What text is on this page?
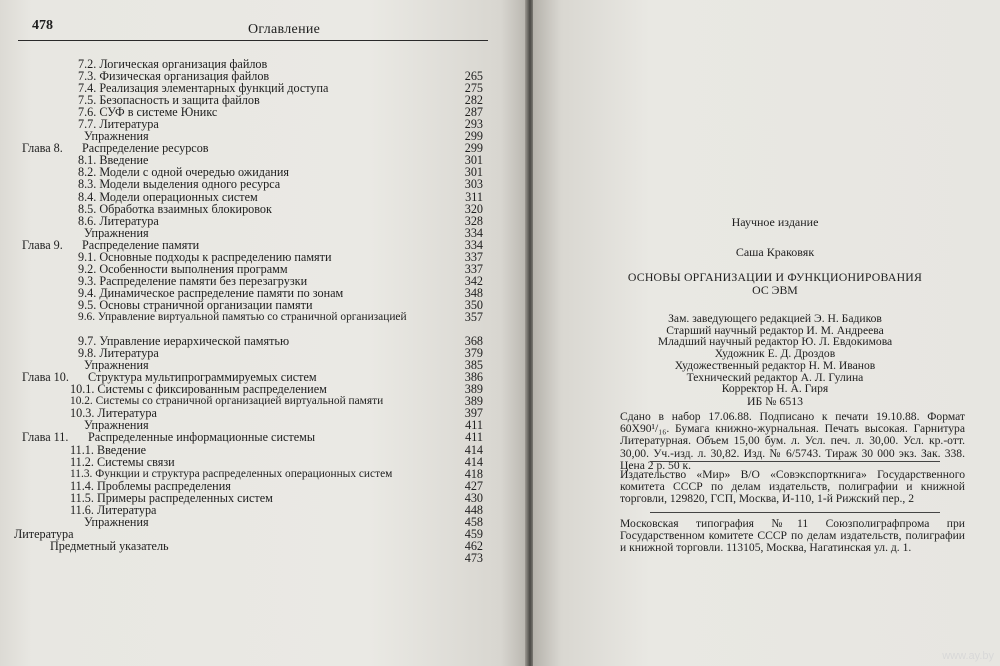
478	Оглавление
7.2. Логическая организация файлов
7.3. Физическая организация файлов	265
7.4. Реализация элементарных функций доступа	275
7.5. Безопасность и защита файлов	282
7.6. СУФ в системе Юникс	287
7.7. Литература	293
Упражнения	299
Глава 8. Распределение ресурсов	299
8.1. Введение	301
8.2. Модели с одной очередью ожидания	301
8.3. Модели выделения одного ресурса	303
8.4. Модели операционных систем	311
8.5. Обработка взаимных блокировок	320
8.6. Литература	328
Упражнения	334
Глава 9. Распределение памяти	334
9.1. Основные подходы к распределению памяти	337
9.2. Особенности выполнения программ	337
9.3. Распределение памяти без перезагрузки	342
9.4. Динамическое распределение памяти по зонам	348
9.5. Основы страничной организации памяти	350
9.6. Управление виртуальной памятью со страничной организацией	357
9.7. Управление иерархической памятью	368
9.8. Литература	379
Упражнения	385
Глава 10. Структура мультипрограммируемых систем	386
10.1. Системы с фиксированным распределением	389
10.2. Системы со страничной организацией виртуальной памяти	389
10.3. Литература	397
Упражнения	411
Глава 11. Распределенные информационные системы	411
11.1. Введение	414
11.2. Системы связи	414
11.3. Функции и структура распределенных операционных систем	418
11.4. Проблемы распределения	427
11.5. Примеры распределенных систем	430
11.6. Литература	448
Упражнения	458
Литература	459
Предметный указатель	462
473
Научное издание
Саша Краковяк
ОСНОВЫ ОРГАНИЗАЦИИ И ФУНКЦИОНИРОВАНИЯ
ОС ЭВМ
Зам. заведующего редакцией Э. Н. Бадиков
Старший научный редактор И. М. Андреева
Младший научный редактор Ю. Л. Евдокимова
Художник Е. Д. Дроздов
Художественный редактор Н. М. Иванов
Технический редактор А. Л. Гулина
Корректор Н. А. Гиря
ИБ № 6513
Сдано в набор 17.06.88. Подписано к печати 19.10.88. Формат 60X90¹/₁₆. Бумага книжно-журнальная. Печать высокая. Гарнитура Литературная. Объем 15,00 бум. л. Усл. печ. л. 30,00. Усл. кр.-отт. 30,00. Уч.-изд. л. 30,82. Изд. № 6/5743. Тираж 30 000 экз. Зак. 338. Цена 2 р. 50 к.
Издательство «Мир» В/О «Совэкспорткнига» Государственного комитета СССР по делам издательств, полиграфии и книжной торговли, 129820, ГСП, Москва, И-110, 1-й Рижский пер., 2
Московская типография №11 Союзполиграфпрома при Государственном комитете СССР по делам издательств, полиграфии и книжной торговли. 113105, Москва, Нагатинская ул. д. 1.
www.ay.by
